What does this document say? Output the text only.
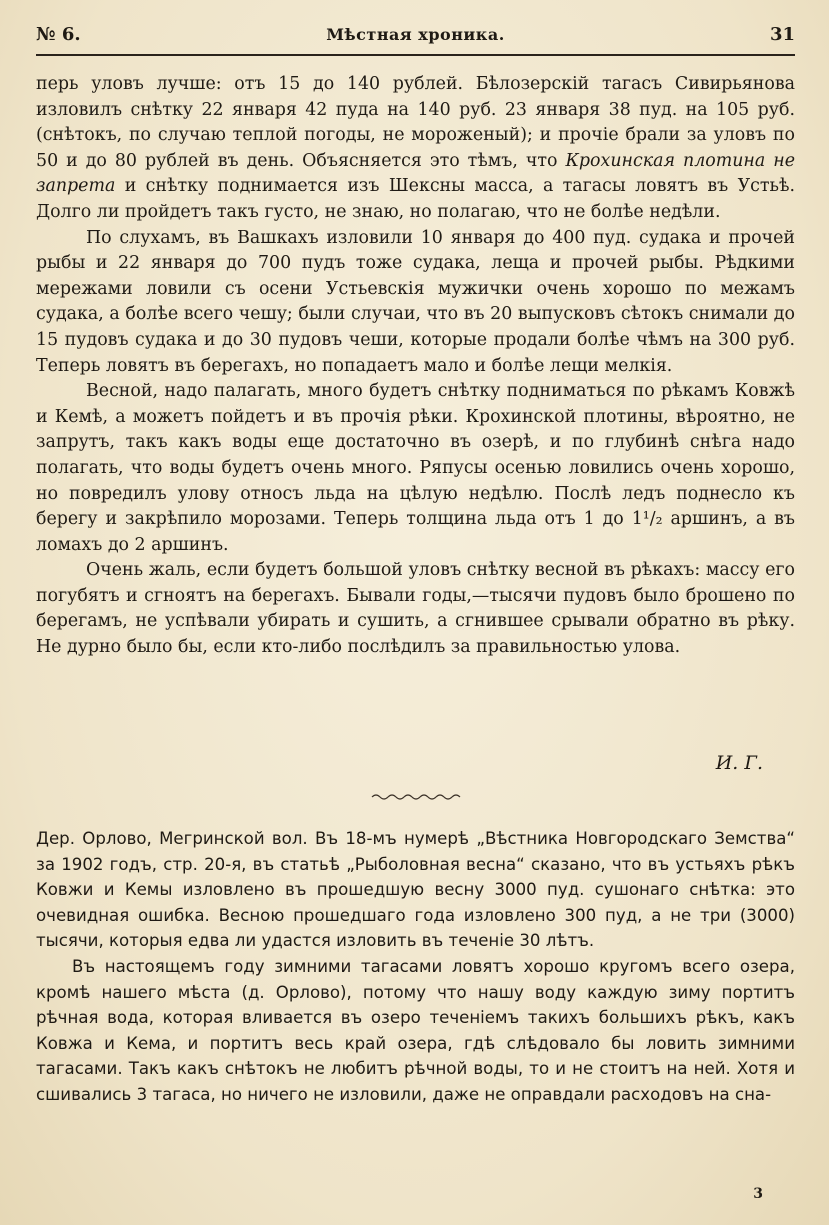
№ 6.	Мѣстная хроника.	31

перь уловъ лучше: отъ 15 до 140 рублей. Бѣлозерскій тагасъ Сивирьянова изловилъ снѣтку 22 января 42 пуда на 140 руб. 23 января 38 пуд. на 105 руб. (снѣтокъ, по случаю теплой погоды, не мороженый); и прочіе брали за уловъ по 50 и до 80 рублей въ день. Объясняется это тѣмъ, что Крохинская плотина не запрета и снѣтку поднимается изъ Шексны масса, а тагасы ловятъ въ Устьѣ. Долго ли пройдетъ такъ густо, не знаю, но полагаю, что не болѣе недѣли.

По слухамъ, въ Вашкахъ изловили 10 января до 400 пуд. судака и прочей рыбы и 22 января до 700 пудъ тоже судака, леща и прочей рыбы. Рѣдкими мережами ловили съ осени Устьевскія мужички очень хорошо по межамъ судака, а болѣе всего чешу; были случаи, что въ 20 выпусковъ сѣтокъ снимали до 15 пудовъ судака и до 30 пудовъ чеши, которые продали болѣе чѣмъ на 300 руб. Теперь ловятъ въ берегахъ, но попадаетъ мало и болѣе лещи мелкія.

Весной, надо палагать, много будетъ снѣтку подниматься по рѣкамъ Ковжѣ и Кемѣ, а можетъ пойдетъ и въ прочія рѣки. Крохинской плотины, вѣроятно, не запрутъ, такъ какъ воды еще достаточно въ озерѣ, и по глубинѣ снѣга надо полагать, что воды будетъ очень много. Ряпусы осенью ловились очень хорошо, но повредилъ улову относъ льда на цѣлую недѣлю. Послѣ ледъ поднесло къ берегу и закрѣпило морозами. Теперь толщина льда отъ 1 до 1¹/₂ аршинъ, а въ ломахъ до 2 аршинъ.

Очень жаль, если будетъ большой уловъ снѣтку весной въ рѣкахъ: массу его погубятъ и сгноятъ на берегахъ. Бывали годы,—тысячи пудовъ было брошено по берегамъ, не успѣвали убирать и сушить, а сгнившее срывали обратно въ рѣку. Не дурно было бы, если кто-либо послѣдилъ за правильностью улова.

И. Г.

Дер. Орлово, Мегринской вол. Въ 18-мъ нумерѣ „Вѣстника Новгородскаго Земства“ за 1902 годъ, стр. 20-я, въ статьѣ „Рыболовная весна“ сказано, что въ устьяхъ рѣкъ Ковжи и Кемы изловлено въ прошедшую весну 3000 пуд. сушонаго снѣтка: это очевидная ошибка. Весною прошедшаго года изловлено 300 пуд, а не три (3000) тысячи, которыя едва ли удастся изловить въ теченіе 30 лѣтъ.

Въ настоящемъ году зимними тагасами ловятъ хорошо кругомъ всего озера, кромѣ нашего мѣста (д. Орлово), потому что нашу воду каждую зиму портитъ рѣчная вода, которая вливается въ озеро теченіемъ такихъ большихъ рѣкъ, какъ Ковжа и Кема, и портитъ весь край озера, гдѣ слѣдовало бы ловить зимними тагасами. Такъ какъ снѣтокъ не любитъ рѣчной воды, то и не стоитъ на ней. Хотя и сшивались 3 тагаса, но ничего не изловили, даже не оправдали расходовъ на сна-

3
